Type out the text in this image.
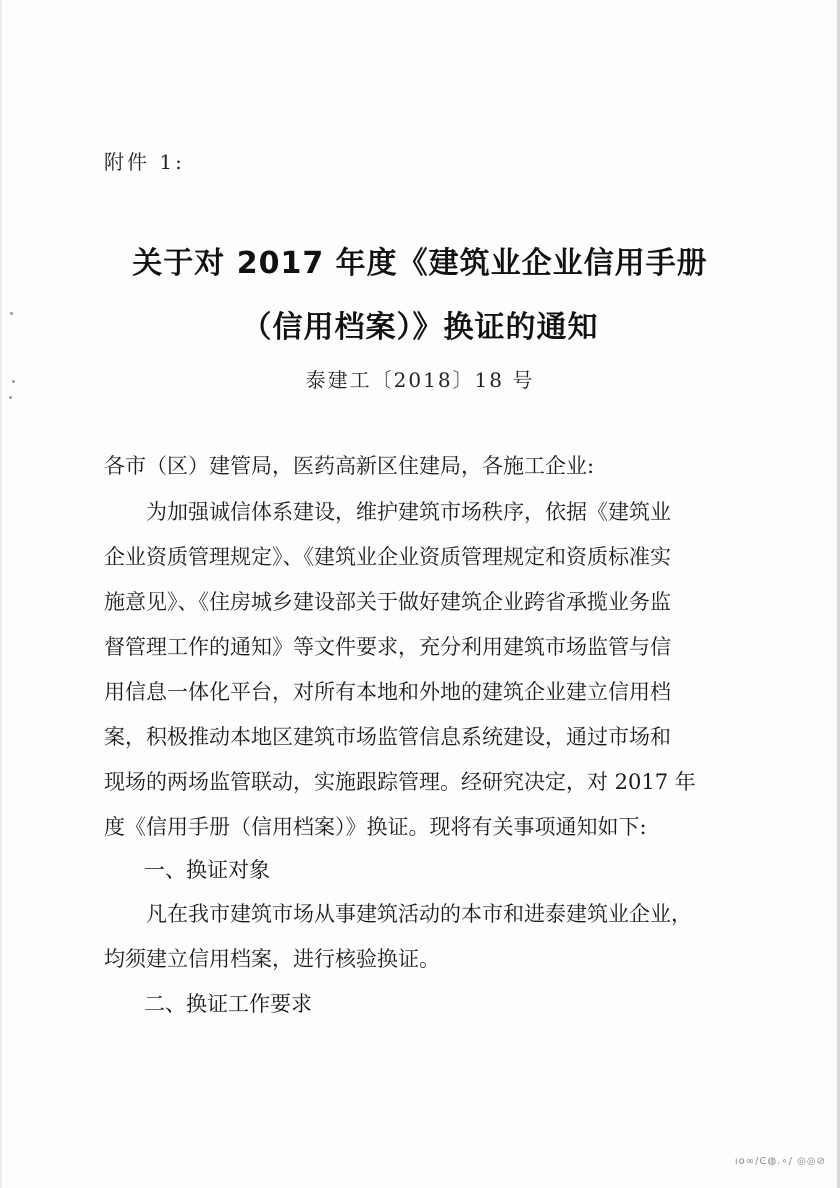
附件 1:
关于对 2017 年度《建筑业企业信用手册
（信用档案）》换证的通知
泰建工〔2018〕18 号
各市（区）建管局，医药高新区住建局，各施工企业:
　　为加强诚信体系建设，维护建筑市场秩序，依据《建筑业
企业资质管理规定》、《建筑业企业资质管理规定和资质标准实
施意见》、《住房城乡建设部关于做好建筑企业跨省承揽业务监
督管理工作的通知》等文件要求，充分利用建筑市场监管与信
用信息一体化平台，对所有本地和外地的建筑企业建立信用档
案，积极推动本地区建筑市场监管信息系统建设，通过市场和
现场的两场监管联动，实施跟踪管理。经研究决定，对 2017 年
度《信用手册（信用档案）》换证。现将有关事项通知如下:
一、换证对象
　　凡在我市建筑市场从事建筑活动的本市和进泰建筑业企业，
均须建立信用档案，进行核验换证。
二、换证工作要求
ıo∞/Ͼ◍.∘/ ◎◎⊘
